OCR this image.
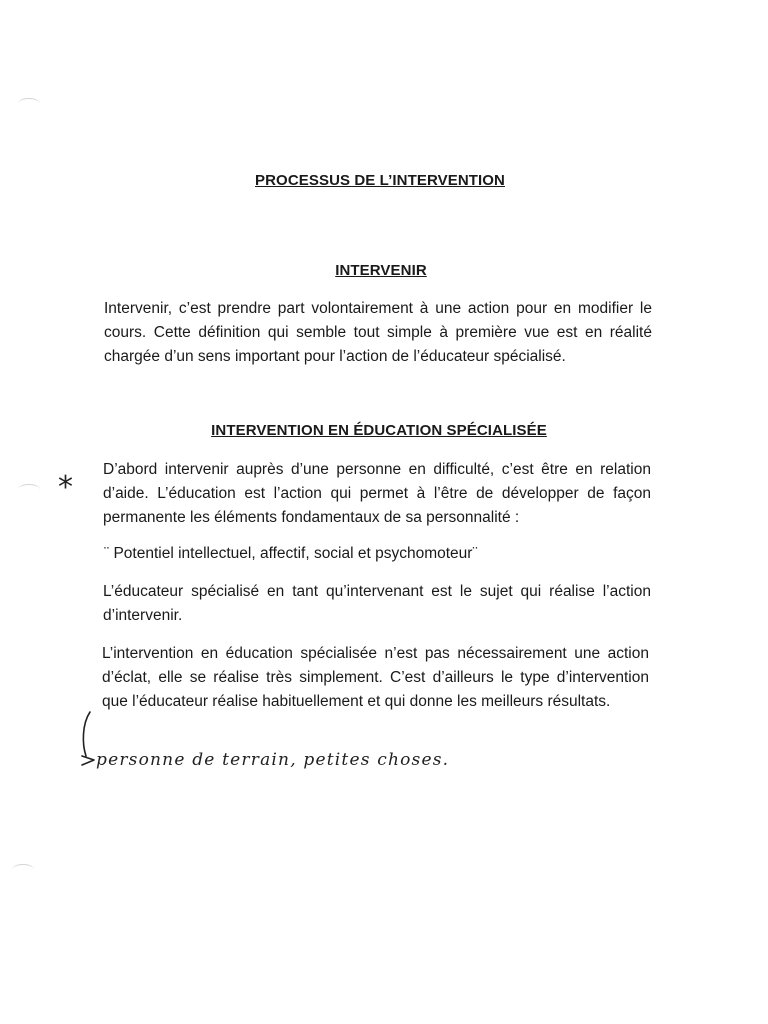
PROCESSUS DE L’INTERVENTION
INTERVENIR
Intervenir, c’est prendre part volontairement à une action pour en modifier le cours. Cette définition qui semble tout simple à première vue est en réalité chargée d’un sens important pour l’action de l’éducateur spécialisé.
INTERVENTION EN ÉDUCATION SPÉCIALISÉE
D’abord intervenir auprès d’une personne en difficulté, c’est être en relation d’aide. L’éducation est l’action qui permet à l’être de développer de façon permanente les éléments fondamentaux de sa personnalité :
¨ Potentiel intellectuel, affectif, social et psychomoteur¨
L’éducateur spécialisé en tant qu’intervenant est le sujet qui réalise l’action d’intervenir.
L’intervention en éducation spécialisée n’est pas nécessairement une action d’éclat, elle se réalise très simplement. C’est d’ailleurs le type d’intervention que l’éducateur réalise habituellement et qui donne les meilleurs résultats.
*
personne de terrain, petites choses.
